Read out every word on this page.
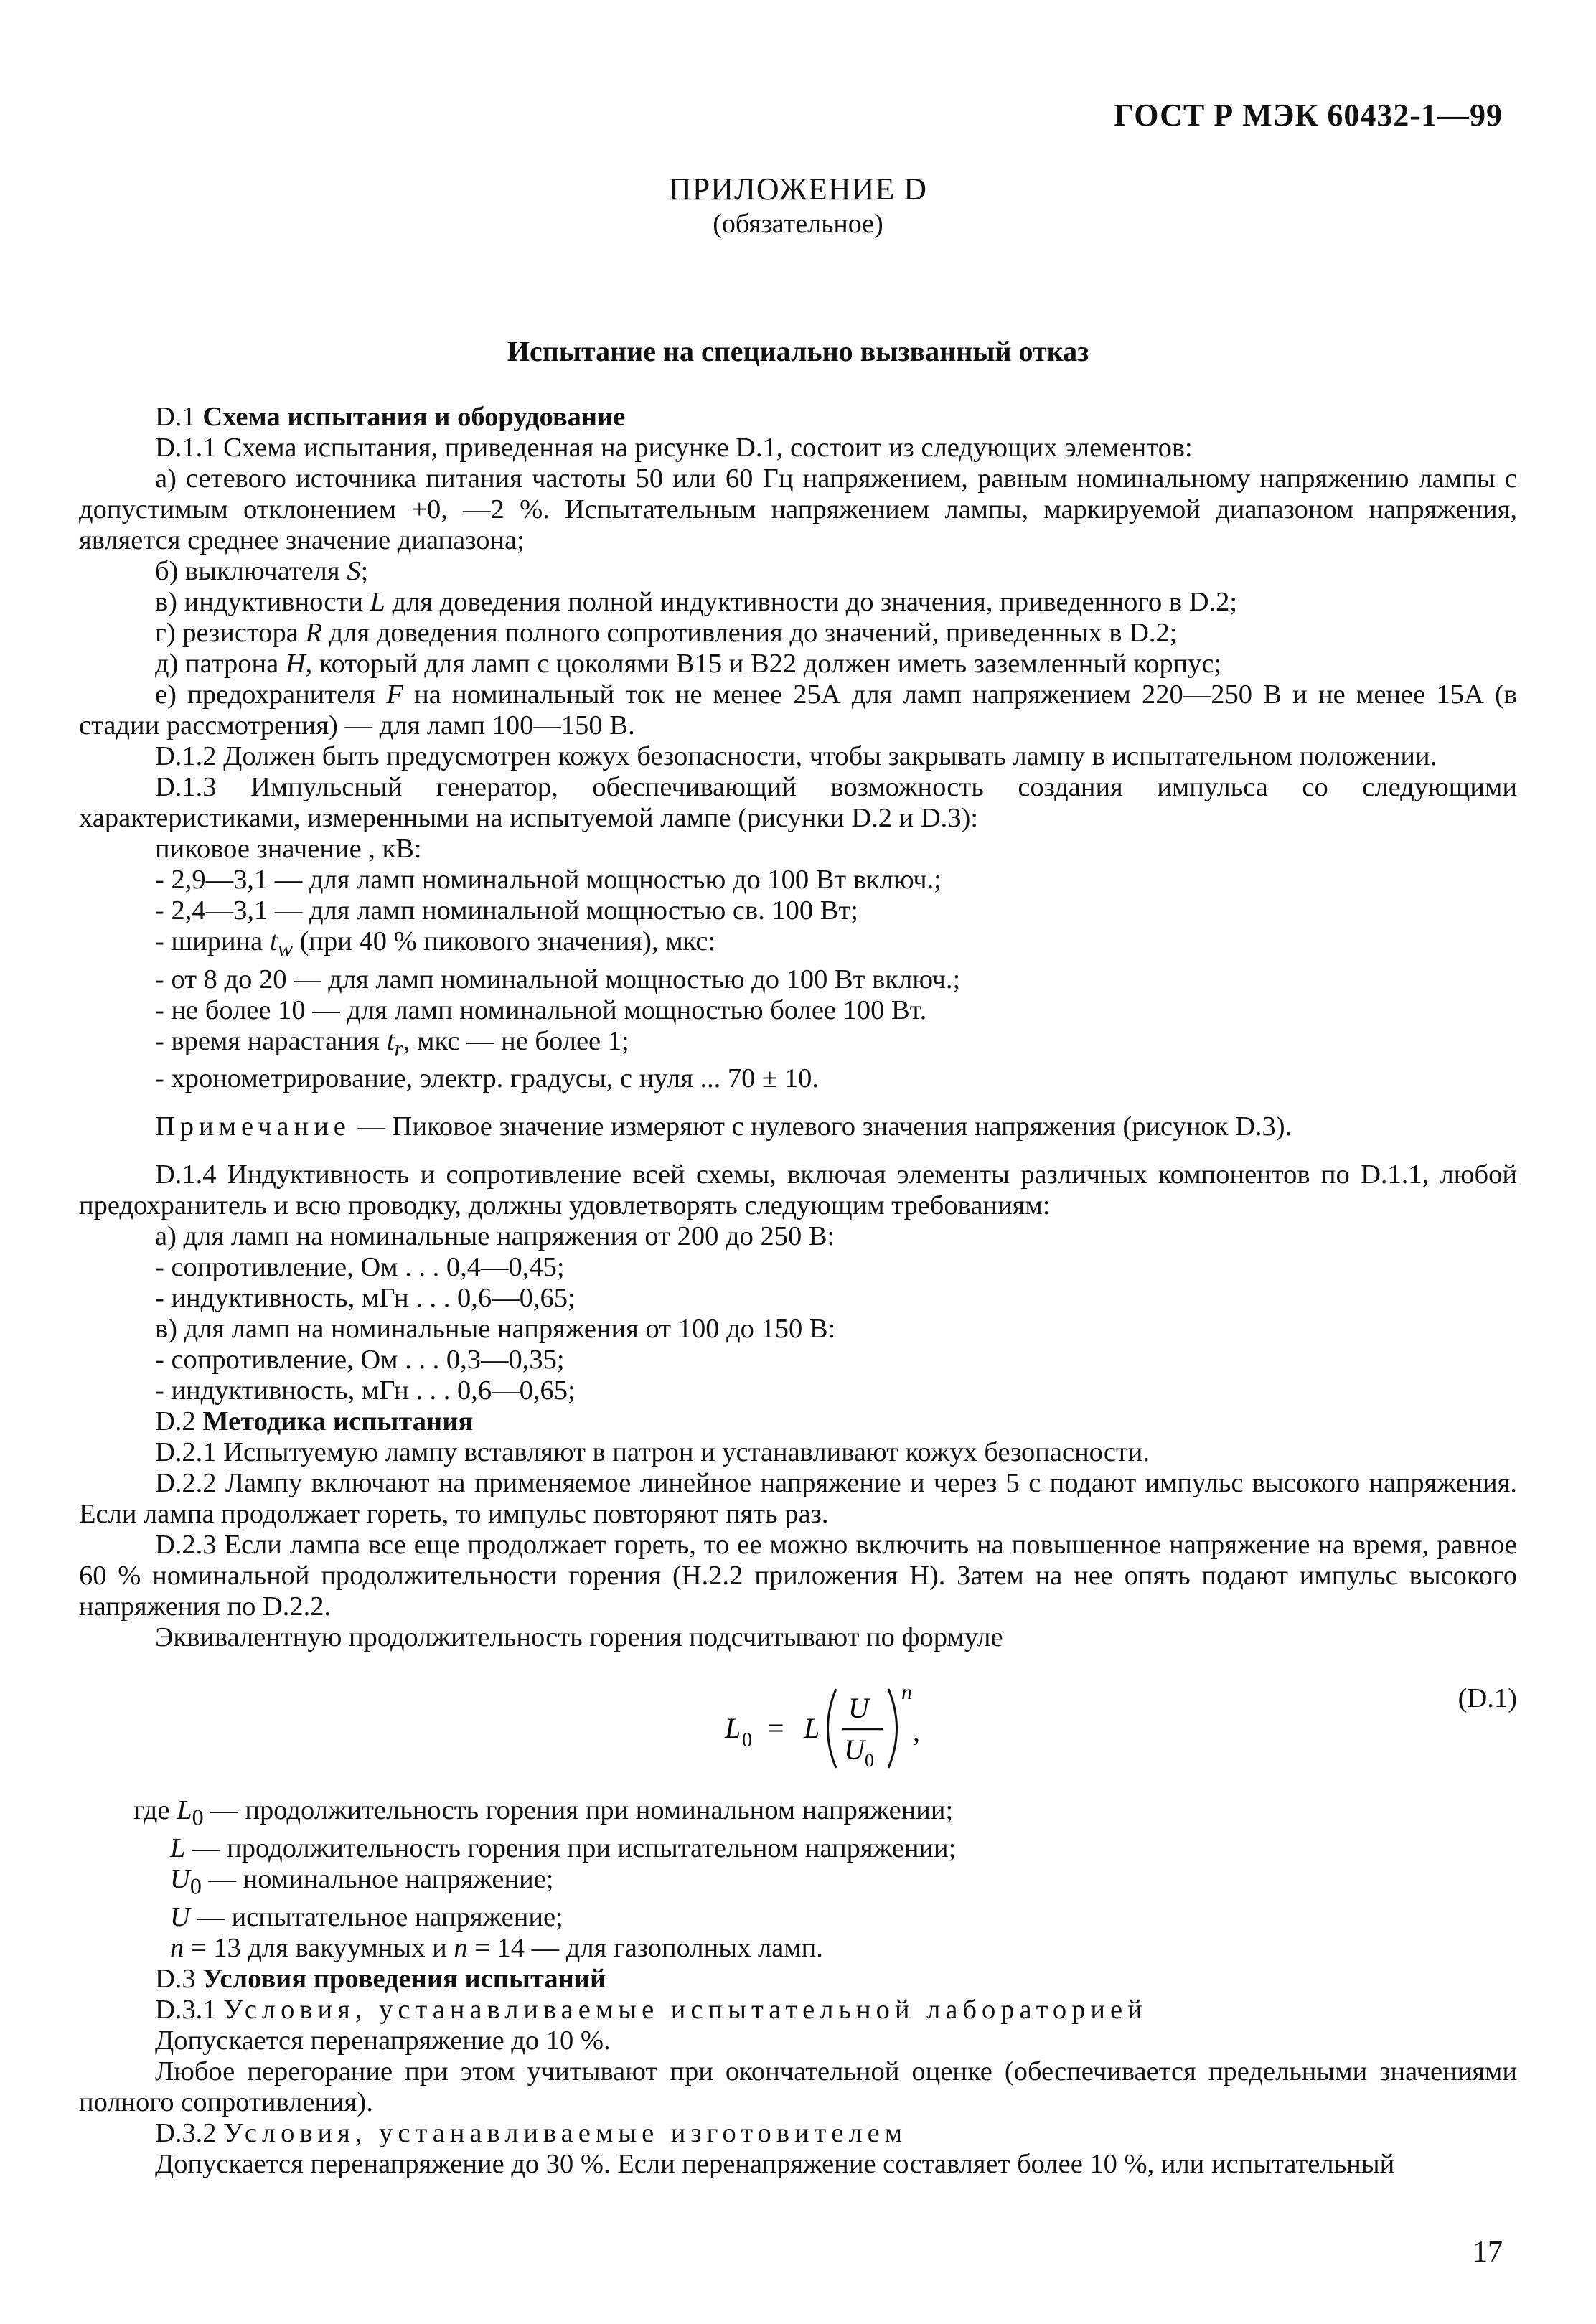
ГОСТ Р МЭК 60432-1—99
ПРИЛОЖЕНИЕ D
(обязательное)
Испытание на специально вызванный отказ

D.1 Схема испытания и оборудование

D.1.1 Схема испытания, приведенная на рисунке D.1, состоит из следующих элементов:

а) сетевого источника питания частоты 50 или 60 Гц напряжением, равным номинальному напряжению лампы с допустимым отклонением +0, —2 %. Испытательным напряжением лампы, маркируемой диапазоном напряжения, является среднее значение диапазона;

б) выключателя S;

в) индуктивности L для доведения полной индуктивности до значения, приведенного в D.2;

г) резистора R для доведения полного сопротивления до значений, приведенных в D.2;

д) патрона H, который для ламп с цоколями В15 и В22 должен иметь заземленный корпус;

е) предохранителя F на номинальный ток не менее 25А для ламп напряжением 220—250 В и не менее 15А (в стадии рассмотрения) — для ламп 100—150 В.

D.1.2 Должен быть предусмотрен кожух безопасности, чтобы закрывать лампу в испытательном положении.

D.1.3 Импульсный генератор, обеспечивающий возможность создания импульса со следующими характеристиками, измеренными на испытуемой лампе (рисунки D.2 и D.3):

пиковое значение , кВ:

- 2,9—3,1 — для ламп номинальной мощностью до 100 Вт включ.;

- 2,4—3,1 — для ламп номинальной мощностью св. 100 Вт;

- ширина $t_w$ (при 40 % пикового значения), мкс:

- от 8 до 20 — для ламп номинальной мощностью до 100 Вт включ.;

- не более 10 — для ламп номинальной мощностью более 100 Вт.

- время нарастания $t_r$, мкс — не более 1;

- хронометрирование, электр. градусы, с нуля ... 70 ± 10.

Примечание — Пиковое значение измеряют с нулевого значения напряжения (рисунок D.3).

D.1.4 Индуктивность и сопротивление всей схемы, включая элементы различных компонентов по D.1.1, любой предохранитель и всю проводку, должны удовлетворять следующим требованиям:

а) для ламп на номинальные напряжения от 200 до 250 В:

- сопротивление, Ом . . . 0,4—0,45;

- индуктивность, мГн . . . 0,6—0,65;

в) для ламп на номинальные напряжения от 100 до 150 В:

- сопротивление, Ом . . . 0,3—0,35;

- индуктивность, мГн . . . 0,6—0,65;

D.2 Методика испытания

D.2.1 Испытуемую лампу вставляют в патрон и устанавливают кожух безопасности.

D.2.2 Лампу включают на применяемое линейное напряжение и через 5 с подают импульс высокого напряжения. Если лампа продолжает гореть, то импульс повторяют пять раз.

D.2.3 Если лампа все еще продолжает гореть, то ее можно включить на повышенное напряжение на время, равное 60 % номинальной продолжительности горения (Н.2.2 приложения Н). Затем на нее опять подают импульс высокого напряжения по D.2.2.

Эквивалентную продолжительность горения подсчитывают по формуле

L 0 = L
U
U 0
n
,
(D.1)

где $L_0$ — продолжительность горения при номинальном напряжении;

L — продолжительность горения при испытательном напряжении;

$U_0$ — номинальное напряжение;

U — испытательное напряжение;

n = 13 для вакуумных и n = 14 — для газополных ламп.

D.3 Условия проведения испытаний

D.3.1 Условия, устанавливаемые испытательной лабораторией

Допускается перенапряжение до 10 %.

Любое перегорание при этом учитывают при окончательной оценке (обеспечивается предельными значениями полного сопротивления).

D.3.2 Условия, устанавливаемые изготовителем

Допускается перенапряжение до 30 %. Если перенапряжение составляет более 10 %, или испытательный

17
